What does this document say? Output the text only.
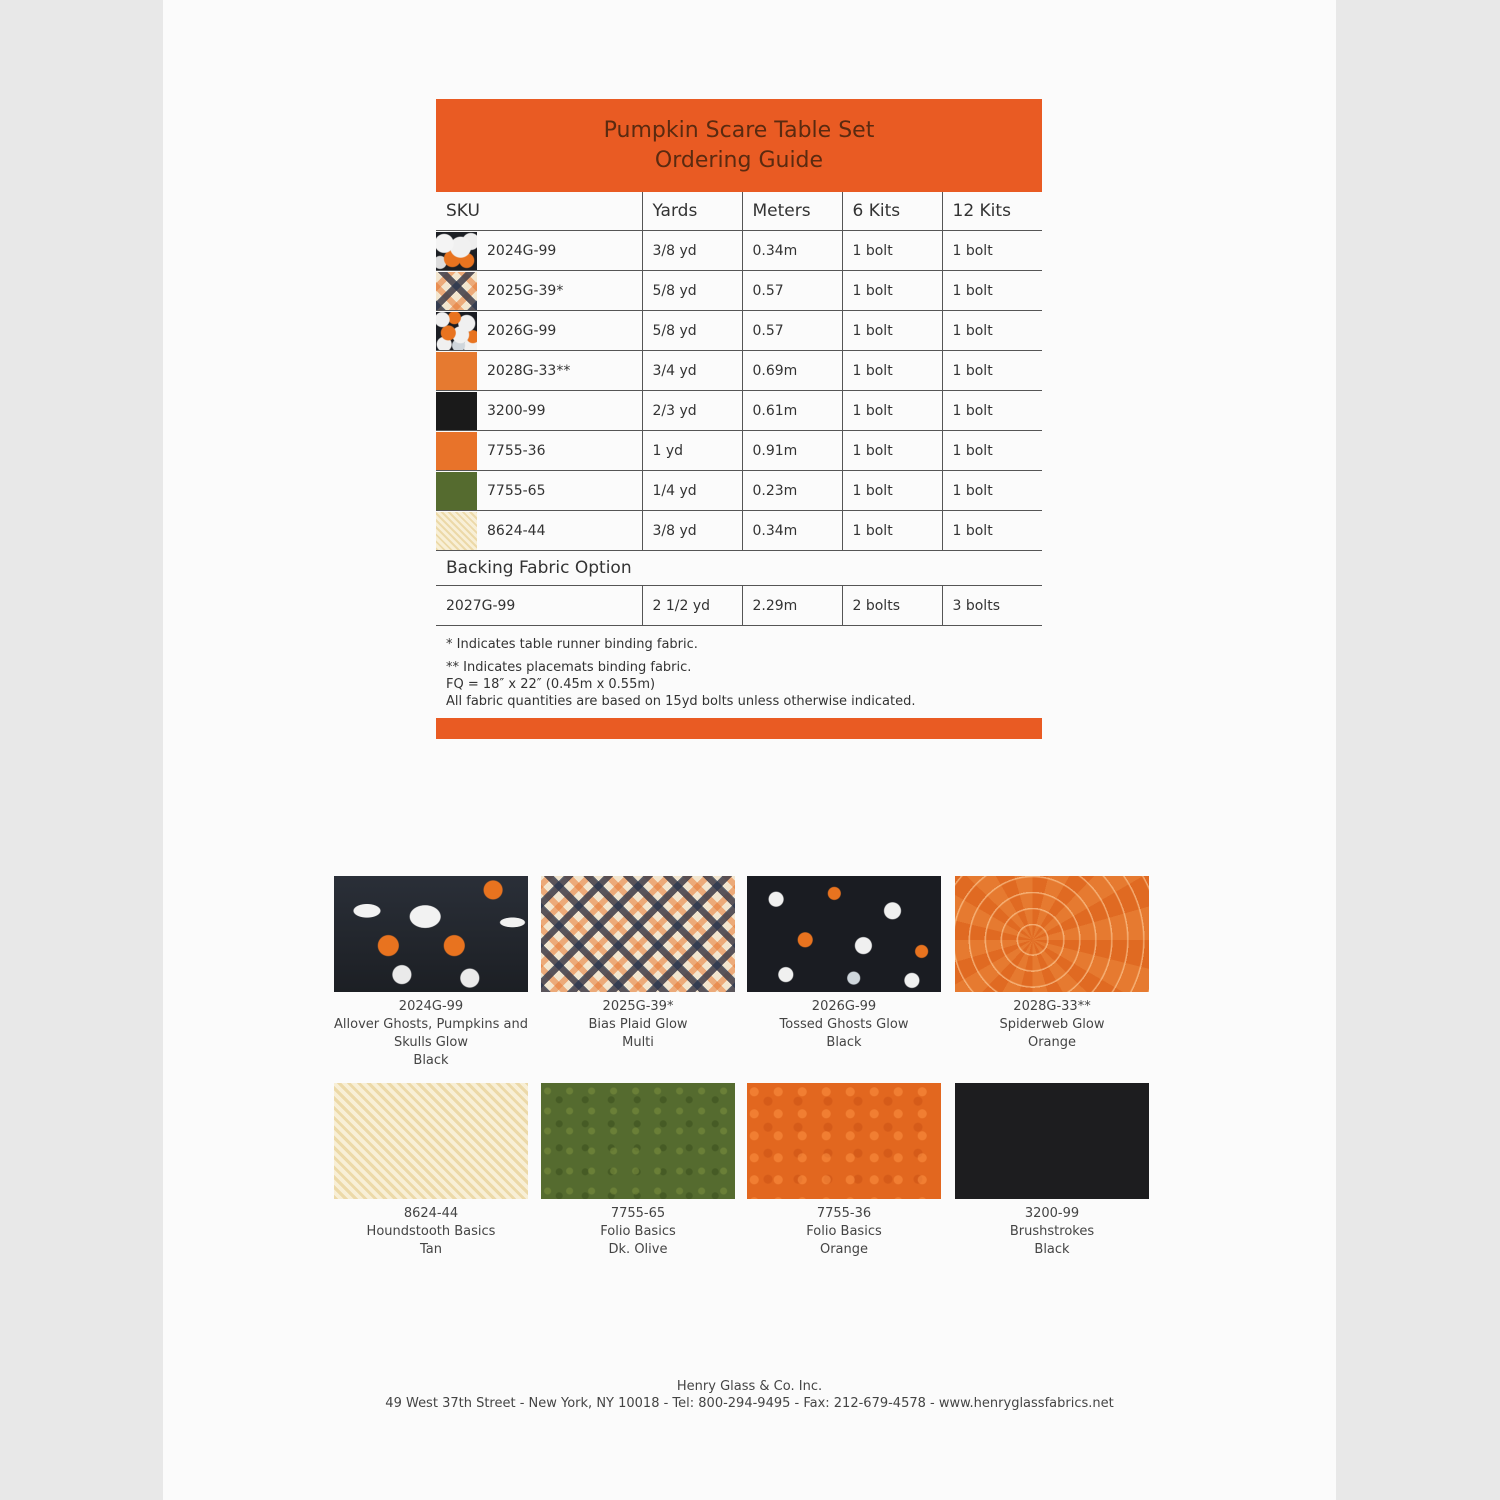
Pumpkin Scare Table Set
Ordering Guide
SKU	Yards	Meters	6 Kits	12 Kits

2024G-99	3/8 yd	0.34m	1 bolt	1 bolt

2025G-39*	5/8 yd	0.57	1 bolt	1 bolt

2026G-99	5/8 yd	0.57	1 bolt	1 bolt

2028G-33**	3/4 yd	0.69m	1 bolt	1 bolt

3200-99	2/3 yd	0.61m	1 bolt	1 bolt

7755-36	1 yd	0.91m	1 bolt	1 bolt

7755-65	1/4 yd	0.23m	1 bolt	1 bolt

8624-44	3/8 yd	0.34m	1 bolt	1 bolt
Backing Fabric Option				
2027G-99	2 1/2 yd	2.29m	2 bolts	3 bolts
* Indicates table runner binding fabric.
** Indicates placemats binding fabric.
FQ = 18″ x 22″ (0.45m x 0.55m)
All fabric quantities are based on 15yd bolts unless otherwise indicated.
2024G-99
Allover Ghosts, Pumpkins and
Skulls Glow
Black
2025G-39*
Bias Plaid Glow
Multi
2026G-99
Tossed Ghosts Glow
Black
2028G-33**
Spiderweb Glow
Orange
8624-44
Houndstooth Basics
Tan
7755-65
Folio Basics
Dk. Olive
7755-36
Folio Basics
Orange
3200-99
Brushstrokes
Black
Henry Glass & Co. Inc.
49 West 37th Street - New York, NY 10018 - Tel: 800-294-9495 - Fax: 212-679-4578 - www.henryglassfabrics.net
